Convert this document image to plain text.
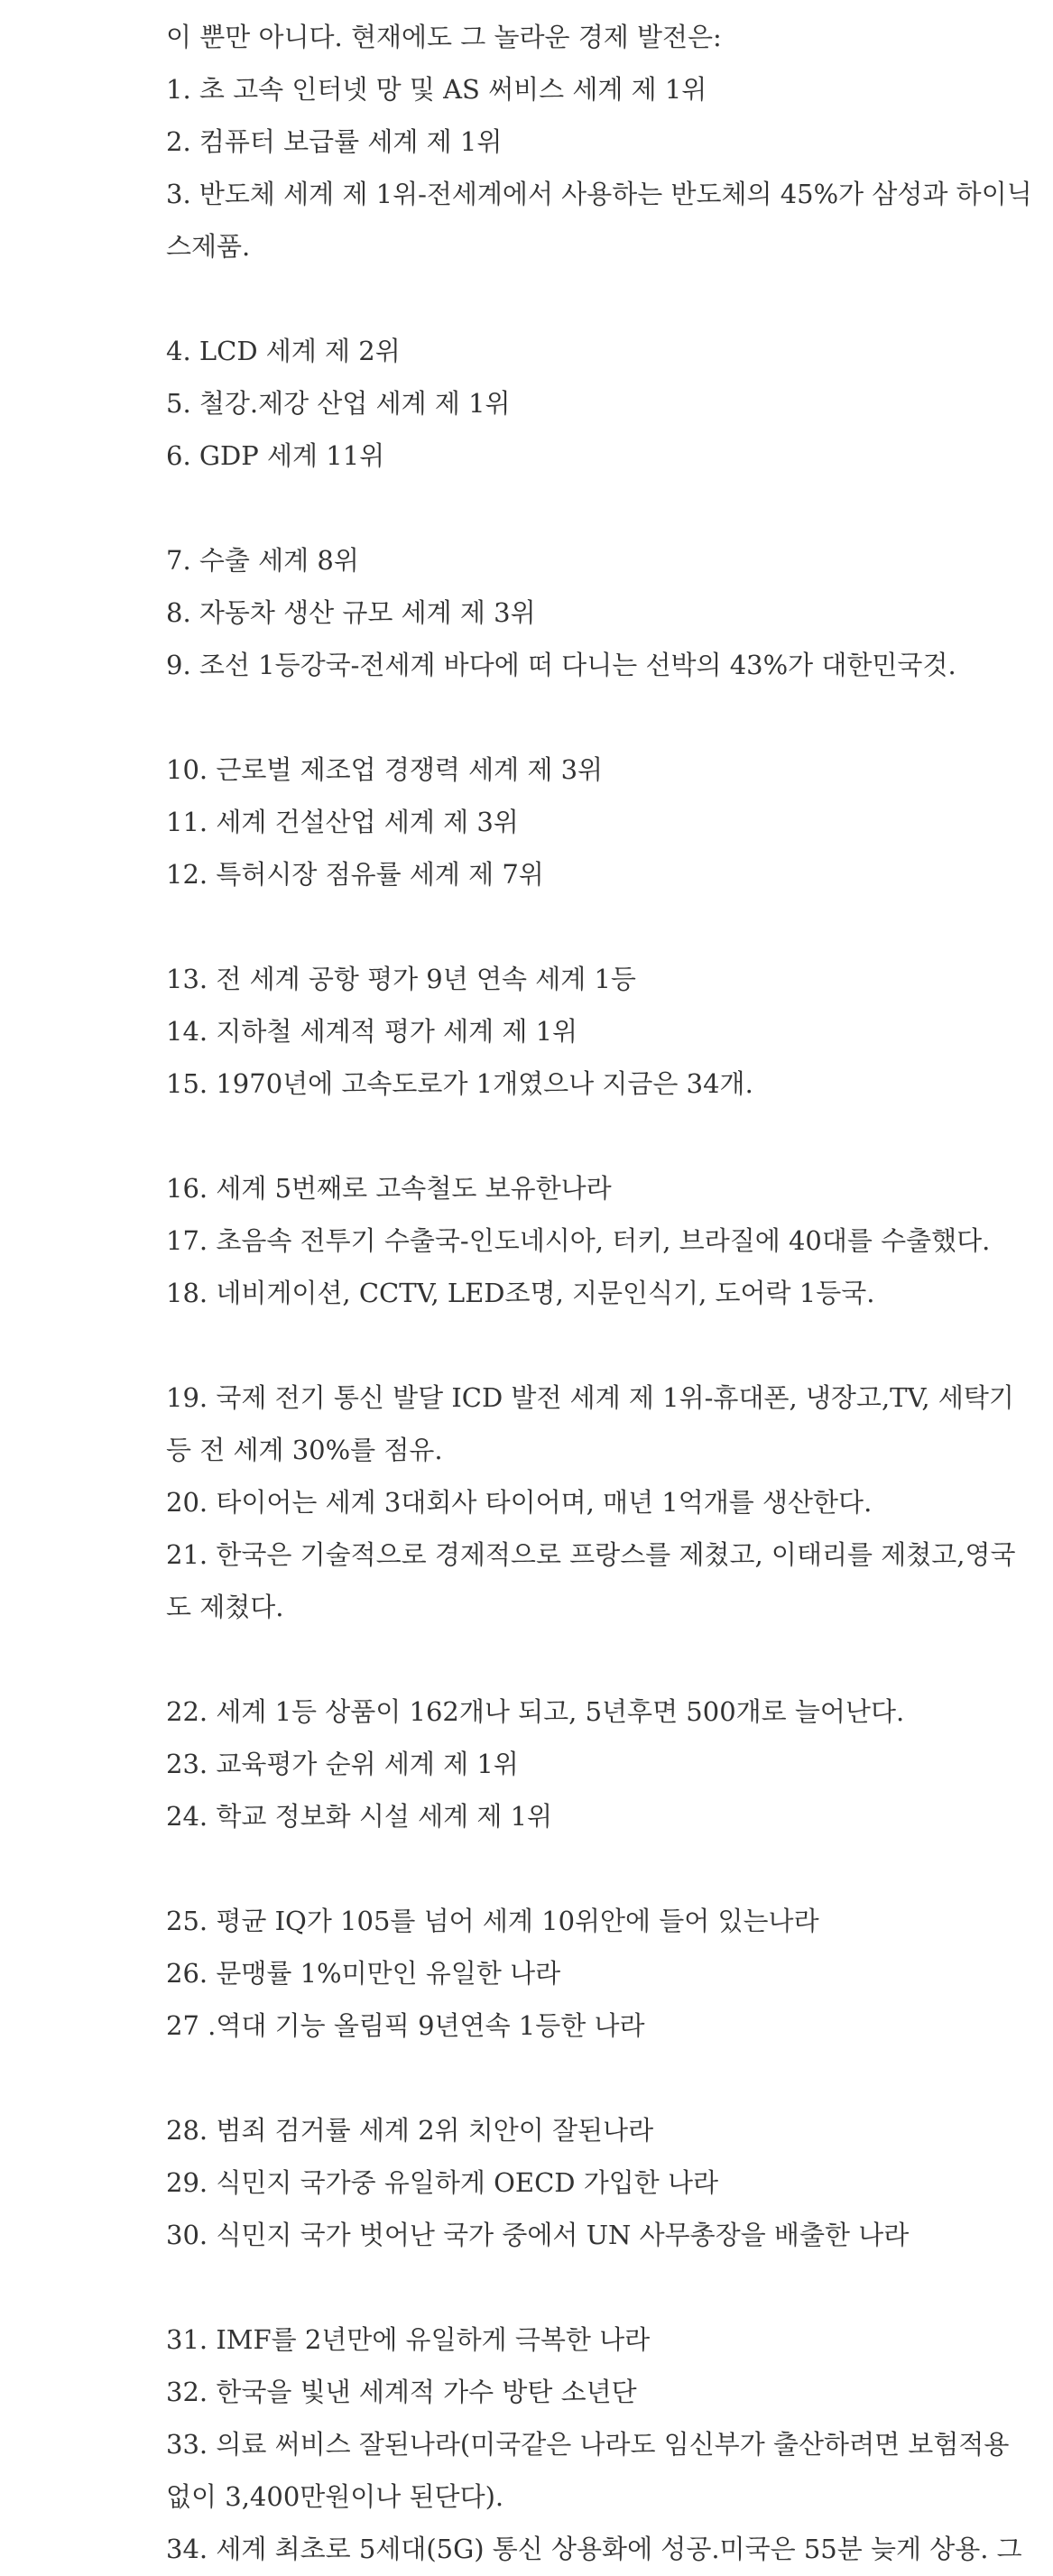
이 뿐만 아니다. 현재에도 그 놀라운 경제 발전은:
1. 초 고속 인터넷 망 및 AS 써비스 세계 제 1위
2. 컴퓨터 보급률 세계 제 1위
3. 반도체 세계 제 1위-전세계에서 사용하는 반도체의 45%가 삼성과 하이닉스제품.
4. LCD 세계 제 2위
5. 철강.제강 산업 세계 제 1위
6. GDP 세계 11위
7. 수출 세계 8위
8. 자동차 생산 규모 세계 제 3위
9. 조선 1등강국-전세계 바다에 떠 다니는 선박의 43%가 대한민국것.
10. 근로벌 제조업 경쟁력 세계 제 3위
11. 세계 건설산업 세계 제 3위
12. 특허시장 점유률 세계 제 7위
13. 전 세계 공항 평가 9년 연속 세계 1등
14. 지하철 세계적 평가 세계 제 1위
15. 1970년에 고속도로가 1개였으나 지금은 34개.
16. 세계 5번째로 고속철도 보유한나라
17. 초음속 전투기 수출국-인도네시아, 터키, 브라질에 40대를 수출했다.
18. 네비게이션, CCTV, LED조명, 지문인식기, 도어락 1등국.
19. 국제 전기 통신 발달 ICD 발전 세계 제 1위-휴대폰, 냉장고,TV, 세탁기등 전 세계 30%를 점유.
20. 타이어는 세계 3대회사 타이어며, 매년 1억개를 생산한다.
21. 한국은 기술적으로 경제적으로 프랑스를 제쳤고, 이태리를 제쳤고,영국도 제쳤다.
22. 세계 1등 상품이 162개나 되고, 5년후면 500개로 늘어난다.
23. 교육평가 순위 세계 제 1위
24. 학교 정보화 시설 세계 제 1위
25. 평균 IQ가 105를 넘어 세계 10위안에 들어 있는나라
26. 문맹률 1%미만인 유일한 나라
27 .역대 기능 올림픽 9년연속 1등한 나라
28. 범죄 검거률 세계 2위 치안이 잘된나라
29. 식민지 국가중 유일하게 OECD 가입한 나라
30. 식민지 국가 벗어난 국가 중에서 UN 사무총장을 배출한 나라
31. IMF를 2년만에 유일하게 극복한 나라
32. 한국을 빛낸 세계적 가수 방탄 소년단
33. 의료 써비스 잘된나라(미국같은 나라도 임신부가 출산하려면 보험적용없이 3,400만원이나 된단다).
34. 세계 최초로 5세대(5G) 통신 상용화에 성공.미국은 55분 늦게 상용. 그
